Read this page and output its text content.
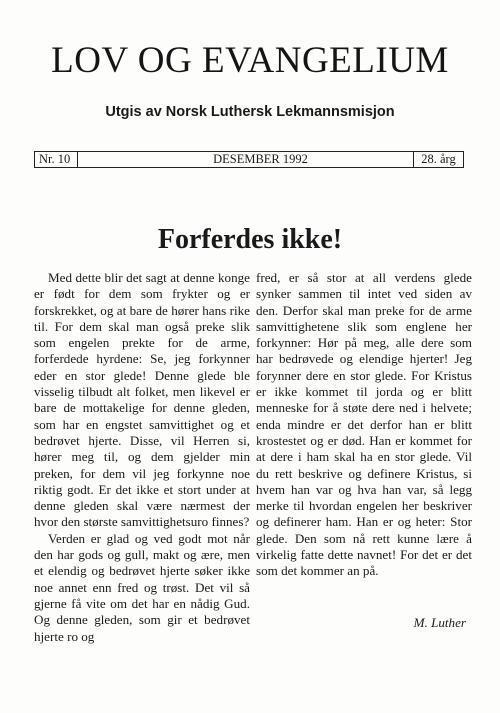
LOV OG EVANGELIUM
Utgis av Norsk Luthersk Lekmannsmisjon
Nr. 10	DESEMBER 1992	28. årg
Forferdes ikke!

Med dette blir det sagt at denne konge er født for dem som frykter og er forskrekket, og at bare de hører hans rike til. For dem skal man også preke slik som engelen prekte for de arme, forferdede hyrdene: Se, jeg forkynner eder en stor glede! Denne glede ble visselig tilbudt alt folket, men likevel er bare de mottakelige for denne gleden, som har en engstet samvittighet og et bedrøvet hjerte. Disse, vil Herren si, hører meg til, og dem gjelder min preken, for dem vil jeg forkynne noe riktig godt. Er det ikke et stort under at denne gleden skal være nærmest der hvor den største samvittighetsuro finnes?

Verden er glad og ved godt mot når den har gods og gull, makt og ære, men et elendig og bedrøvet hjerte søker ikke noe annet enn fred og trøst. Det vil så gjerne få vite om det har en nådig Gud. Og denne gleden, som gir et bedrøvet hjerte ro og

fred, er så stor at all verdens glede synker sammen til intet ved siden av den. Derfor skal man preke for de arme samvittighetene slik som englene her forkynner: Hør på meg, alle dere som har bedrøvede og elendige hjerter! Jeg forynner dere en stor glede. For Kristus er ikke kommet til jorda og er blitt menneske for å støte dere ned i helvete; enda mindre er det derfor han er blitt krostestet og er død. Han er kommet for at dere i ham skal ha en stor glede. Vil du rett beskrive og definere Kristus, si hvem han var og hva han var, så legg merke til hvordan engelen her beskriver og definerer ham. Han er og heter: Stor glede. Den som nå rett kunne lære å virkelig fatte dette navnet! For det er det som det kommer an på.

M. Luther
